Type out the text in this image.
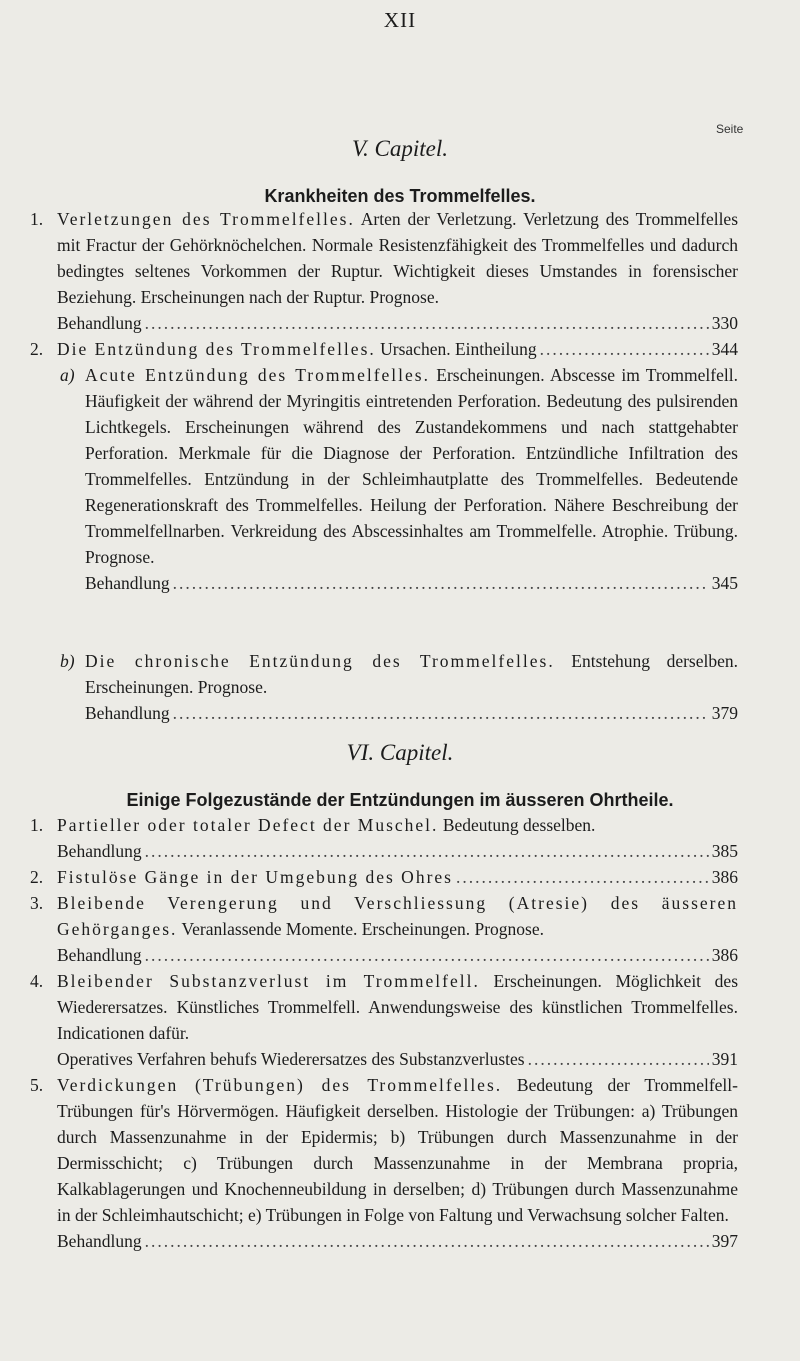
XII
Seite
V. Capitel.
Krankheiten des Trommelfelles.
1. Verletzungen des Trommelfelles. Arten der Verletzung. Verletzung des Trommelfelles mit Fractur der Gehörknöchelchen. Normale Resistenzfähigkeit des Trommelfelles und dadurch bedingtes seltenes Vorkommen der Ruptur. Wichtigkeit dieses Umstandes in forensischer Beziehung. Erscheinungen nach der Ruptur. Prognose.
Behandlung .....	330
2. Die Entzündung des Trommelfelles. Ursachen. Eintheilung .....	344
a) Acute Entzündung des Trommelfelles. Erscheinungen. Abscesse im Trommelfell. Häufigkeit der während der Myringitis eintretenden Perforation. Bedeutung des pulsirenden Lichtkegels. Erscheinungen während des Zustandekommens und nach stattgehabter Perforation. Merkmale für die Diagnose der Perforation. Entzündliche Infiltration des Trommelfelles. Entzündung in der Schleimhautplatte des Trommelfelles. Bedeutende Regenerationskraft des Trommelfelles. Heilung der Perforation. Nähere Beschreibung der Trommelfellnarben. Verkreidung des Abscessinhaltes am Trommelfelle. Atrophie. Trübung. Prognose.
Behandlung .....	345
b) Die chronische Entzündung des Trommelfelles. Entstehung derselben. Erscheinungen. Prognose.
Behandlung .....	379
VI. Capitel.
Einige Folgezustände der Entzündungen im äusseren Ohrtheile.
1. Partieller oder totaler Defect der Muschel. Bedeutung desselben.
Behandlung .....	385
2. Fistulöse Gänge in der Umgebung des Ohres .....	386
3. Bleibende Verengerung und Verschliessung (Atresie) des äusseren Gehörganges. Veranlassende Momente. Erscheinungen. Prognose.
Behandlung .....	386
4. Bleibender Substanzverlust im Trommelfell. Erscheinungen. Möglichkeit des Wiederersatzes. Künstliches Trommelfell. Anwendungsweise des künstlichen Trommelfelles. Indicationen dafür.
Operatives Verfahren behufs Wiederersatzes des Substanzverlustes .....	391
5. Verdickungen (Trübungen) des Trommelfelles. Bedeutung der Trommelfell-Trübungen für's Hörvermögen. Häufigkeit derselben. Histologie der Trübungen: a) Trübungen durch Massenzunahme in der Epidermis; b) Trübungen durch Massenzunahme in der Dermisschicht; c) Trübungen durch Massenzunahme in der Membrana propria, Kalkablagerungen und Knochenneubildung in derselben; d) Trübungen durch Massenzunahme in der Schleimhautschicht; e) Trübungen in Folge von Faltung und Verwachsung solcher Falten.
Behandlung .....	397
